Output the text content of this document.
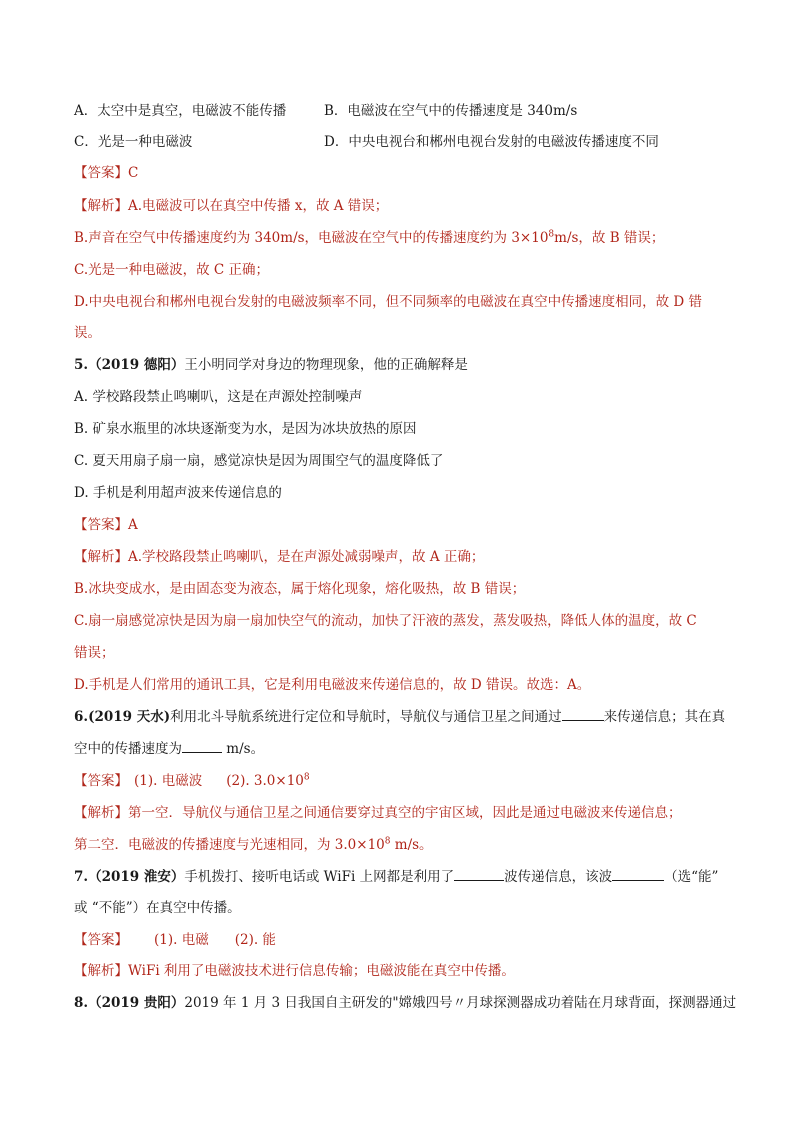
A．太空中是真空，电磁波不能传播	B．电磁波在空气中的传播速度是 340m/s
C．光是一种电磁波	D．中央电视台和郴州电视台发射的电磁波传播速度不同
【答案】C
【解析】A.电磁波可以在真空中传播 x，故 A 错误；
B.声音在空气中传播速度约为 340m/s，电磁波在空气中的传播速度约为 $3\times 10^8m/s$，故 B 错误；
C.光是一种电磁波，故 C 正确；
D.中央电视台和郴州电视台发射的电磁波频率不同，但不同频率的电磁波在真空中传播速度相同，故 D 错
误。
5.（2019 德阳）王小明同学对身边的物理现象，他的正确解释是
A. 学校路段禁止鸣喇叭，这是在声源处控制噪声
B. 矿泉水瓶里的冰块逐渐变为水，是因为冰块放热的原因
C. 夏天用扇子扇一扇，感觉凉快是因为周围空气的温度降低了
D. 手机是利用超声波来传递信息的
【答案】A
【解析】A.学校路段禁止鸣喇叭，是在声源处减弱噪声，故 A 正确；
B.冰块变成水，是由固态变为液态，属于熔化现象，熔化吸热，故 B 错误；
C.扇一扇感觉凉快是因为扇一扇加快空气的流动，加快了汗液的蒸发，蒸发吸热，降低人体的温度，故 C
错误；
D.手机是人们常用的通讯工具，它是利用电磁波来传递信息的，故 D 错误。故选：A。
6.(2019 天水)利用北斗导航系统进行定位和导航时，导航仪与通信卫星之间通过	来传递信息；其在真
空中的传播速度为	m/s。
【答案】 (1). 电磁波 (2). $3.0\times 10^8$
【解析】第一空．导航仪与通信卫星之间通信要穿过真空的宇宙区域，因此是通过电磁波来传递信息；
第二空．电磁波的传播速度与光速相同，为 $3.0\times 10^8$ m/s。
7.（2019 淮安）手机拨打、接听电话或 WiFi 上网都是利用了	波传递信息，该波	（选“能”
或 “不能”）在真空中传播。
【答案】 (1). 电磁 (2). 能
【解析】WiFi 利用了电磁波技术进行信息传输；电磁波能在真空中传播。
8.（2019 贵阳）2019 年 1 月 3 日我国自主研发的"嫦娥四号〃月球探测器成功着陆在月球背面，探测器通过
